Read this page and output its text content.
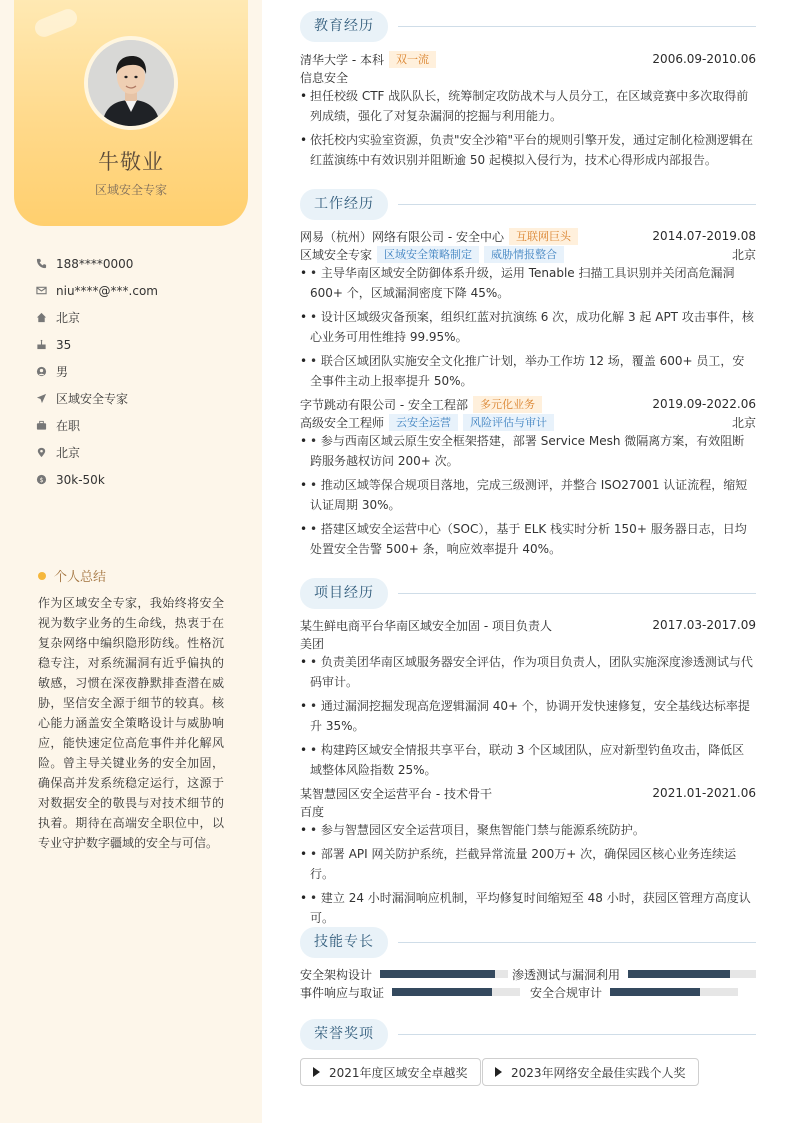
牛敬业
区域安全专家
188****0000
niu****@***.com
北京
35
男
区域安全专家
在职
北京
$ 30k-50k
个人总结
作为区域安全专家，我始终将安全视为数字业务的生命线，热衷于在复杂网络中编织隐形防线。性格沉稳专注，对系统漏洞有近乎偏执的敏感，习惯在深夜静默排查潜在威胁，坚信安全源于细节的较真。核心能力涵盖安全策略设计与威胁响应，能快速定位高危事件并化解风险。曾主导关键业务的安全加固，确保高并发系统稳定运行，这源于对数据安全的敬畏与对技术细节的执着。期待在高端安全职位中，以专业守护数字疆域的安全与可信。
教育经历
清华大学 - 本科	双一流	2006.09-2010.06
信息安全
• 担任校级 CTF 战队队长，统筹制定攻防战术与人员分工，在区域竞赛中多次取得前列成绩，强化了对复杂漏洞的挖掘与利用能力。
• 依托校内实验室资源，负责"安全沙箱"平台的规则引擎开发，通过定制化检测逻辑在红蓝演练中有效识别并阻断逾 50 起模拟入侵行为，技术心得形成内部报告。
工作经历
网易（杭州）网络有限公司 - 安全中心	互联网巨头	2014.07-2019.08
区域安全专家	区域安全策略制定	威胁情报整合	北京
• • 主导华南区域安全防御体系升级，运用 Tenable 扫描工具识别并关闭高危漏洞 600+ 个，区域漏洞密度下降 45%。
• • 设计区域级灾备预案，组织红蓝对抗演练 6 次，成功化解 3 起 APT 攻击事件，核心业务可用性维持 99.95%。
• • 联合区域团队实施安全文化推广计划，举办工作坊 12 场，覆盖 600+ 员工，安全事件主动上报率提升 50%。
字节跳动有限公司 - 安全工程部	多元化业务	2019.09-2022.06
高级安全工程师	云安全运营	风险评估与审计	北京
• • 参与西南区域云原生安全框架搭建，部署 Service Mesh 微隔离方案，有效阻断跨服务越权访问 200+ 次。
• • 推动区域等保合规项目落地，完成三级测评，并整合 ISO27001 认证流程，缩短认证周期 30%。
• • 搭建区域安全运营中心（SOC），基于 ELK 栈实时分析 150+ 服务器日志，日均处置安全告警 500+ 条，响应效率提升 40%。
项目经历
某生鲜电商平台华南区域安全加固 - 项目负责人	2017.03-2017.09
美团
• • 负责美团华南区域服务器安全评估，作为项目负责人，团队实施深度渗透测试与代码审计。
• • 通过漏洞挖掘发现高危逻辑漏洞 40+ 个，协调开发快速修复，安全基线达标率提升 35%。
• • 构建跨区域安全情报共享平台，联动 3 个区域团队，应对新型钓鱼攻击，降低区域整体风险指数 25%。
某智慧园区安全运营平台 - 技术骨干	2021.01-2021.06
百度
• • 参与智慧园区安全运营项目，聚焦智能门禁与能源系统防护。
• • 部署 API 网关防护系统，拦截异常流量 200万+ 次，确保园区核心业务连续运行。
• • 建立 24 小时漏洞响应机制，平均修复时间缩短至 48 小时，获园区管理方高度认可。
技能专长
安全架构设计	渗透测试与漏洞利用
事件响应与取证	安全合规审计
荣誉奖项
2021年度区域安全卓越奖	2023年网络安全最佳实践个人奖
